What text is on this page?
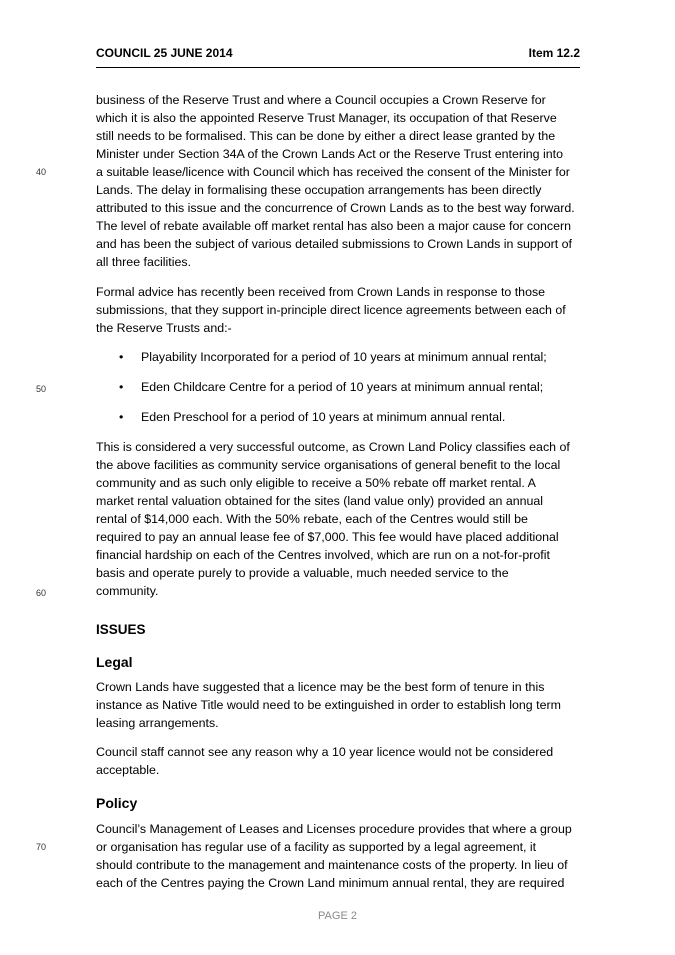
COUNCIL 25 JUNE 2014	Item 12.2
business of the Reserve Trust and where a Council occupies a Crown Reserve for
which it is also the appointed Reserve Trust Manager, its occupation of that Reserve
still needs to be formalised. This can be done by either a direct lease granted by the
Minister under Section 34A of the Crown Lands Act or the Reserve Trust entering into
a suitable lease/licence with Council which has received the consent of the Minister for
Lands. The delay in formalising these occupation arrangements has been directly
attributed to this issue and the concurrence of Crown Lands as to the best way forward.
The level of rebate available off market rental has also been a major cause for concern
and has been the subject of various detailed submissions to Crown Lands in support of
all three facilities.
40
Formal advice has recently been received from Crown Lands in response to those
submissions, that they support in-principle direct licence agreements between each of
the Reserve Trusts and:-
• Playability Incorporated for a period of 10 years at minimum annual rental;
• Eden Childcare Centre for a period of 10 years at minimum annual rental;
• Eden Preschool for a period of 10 years at minimum annual rental.
50
This is considered a very successful outcome, as Crown Land Policy classifies each of
the above facilities as community service organisations of general benefit to the local
community and as such only eligible to receive a 50% rebate off market rental. A
market rental valuation obtained for the sites (land value only) provided an annual
rental of $14,000 each. With the 50% rebate, each of the Centres would still be
required to pay an annual lease fee of $7,000. This fee would have placed additional
financial hardship on each of the Centres involved, which are run on a not-for-profit
basis and operate purely to provide a valuable, much needed service to the
community.
60
ISSUES
Legal
Crown Lands have suggested that a licence may be the best form of tenure in this
instance as Native Title would need to be extinguished in order to establish long term
leasing arrangements.
Council staff cannot see any reason why a 10 year licence would not be considered
acceptable.
Policy
Council’s Management of Leases and Licenses procedure provides that where a group
or organisation has regular use of a facility as supported by a legal agreement, it
should contribute to the management and maintenance costs of the property. In lieu of
each of the Centres paying the Crown Land minimum annual rental, they are required
70
PAGE 2
